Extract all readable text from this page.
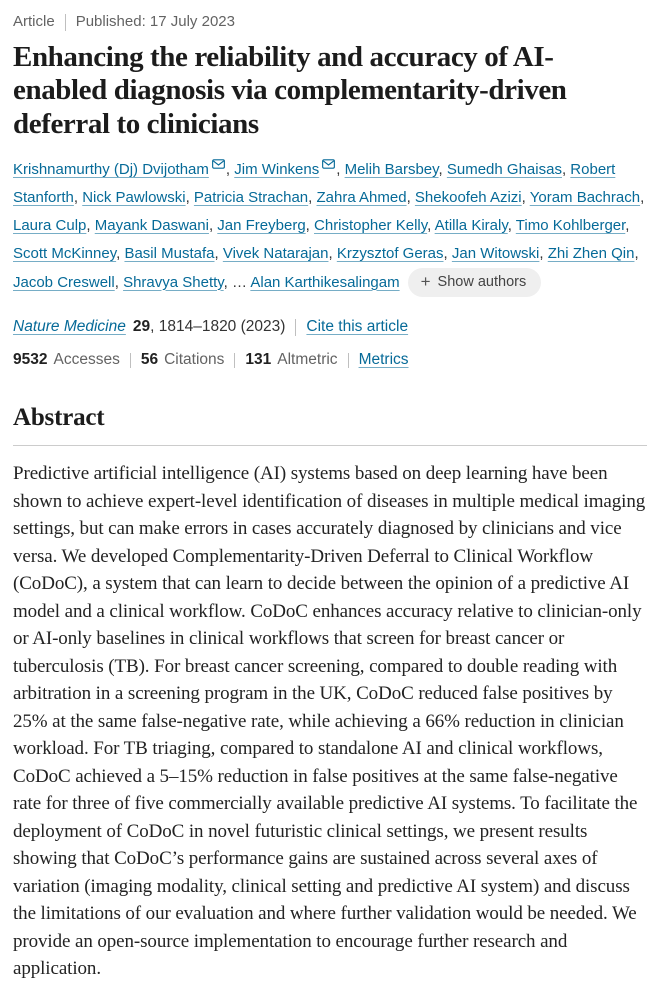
Article Published: 17 July 2023
Enhancing the reliability and accuracy of AI-enabled diagnosis via complementarity-driven deferral to clinicians

Krishnamurthy (Dj) Dvijotham , Jim Winkens , Melih Barsbey, Sumedh Ghaisas, Robert Stanforth, Nick Pawlowski, Patricia Strachan, Zahra Ahmed, Shekoofeh Azizi, Yoram Bachrach, Laura Culp, Mayank Daswani, Jan Freyberg, Christopher Kelly, Atilla Kiraly, Timo Kohlberger, Scott McKinney, Basil Mustafa, Vivek Natarajan, Krzysztof Geras, Jan Witowski, Zhi Zhen Qin, Jacob Creswell, Shravya Shetty, … Alan Karthikesalingam + Show authors

Nature Medicine 29 , 1814–1820 (2023) Cite this article
9532 Accesses 56 Citations 131 Altmetric Metrics
Abstract

Predictive artificial intelligence (AI) systems based on deep learning have been shown to achieve expert-level identification of diseases in multiple medical imaging settings, but can make errors in cases accurately diagnosed by clinicians and vice versa. We developed Complementarity-Driven Deferral to Clinical Workflow (CoDoC), a system that can learn to decide between the opinion of a predictive AI model and a clinical workflow. CoDoC enhances accuracy relative to clinician-only or AI-only baselines in clinical workflows that screen for breast cancer or tuberculosis (TB). For breast cancer screening, compared to double reading with arbitration in a screening program in the UK, CoDoC reduced false positives by 25% at the same false-negative rate, while achieving a 66% reduction in clinician workload. For TB triaging, compared to standalone AI and clinical workflows, CoDoC achieved a 5–15% reduction in false positives at the same false-negative rate for three of five commercially available predictive AI systems. To facilitate the deployment of CoDoC in novel futuristic clinical settings, we present results showing that CoDoC’s performance gains are sustained across several axes of variation (imaging modality, clinical setting and predictive AI system) and discuss the limitations of our evaluation and where further validation would be needed. We provide an open-source implementation to encourage further research and application.
